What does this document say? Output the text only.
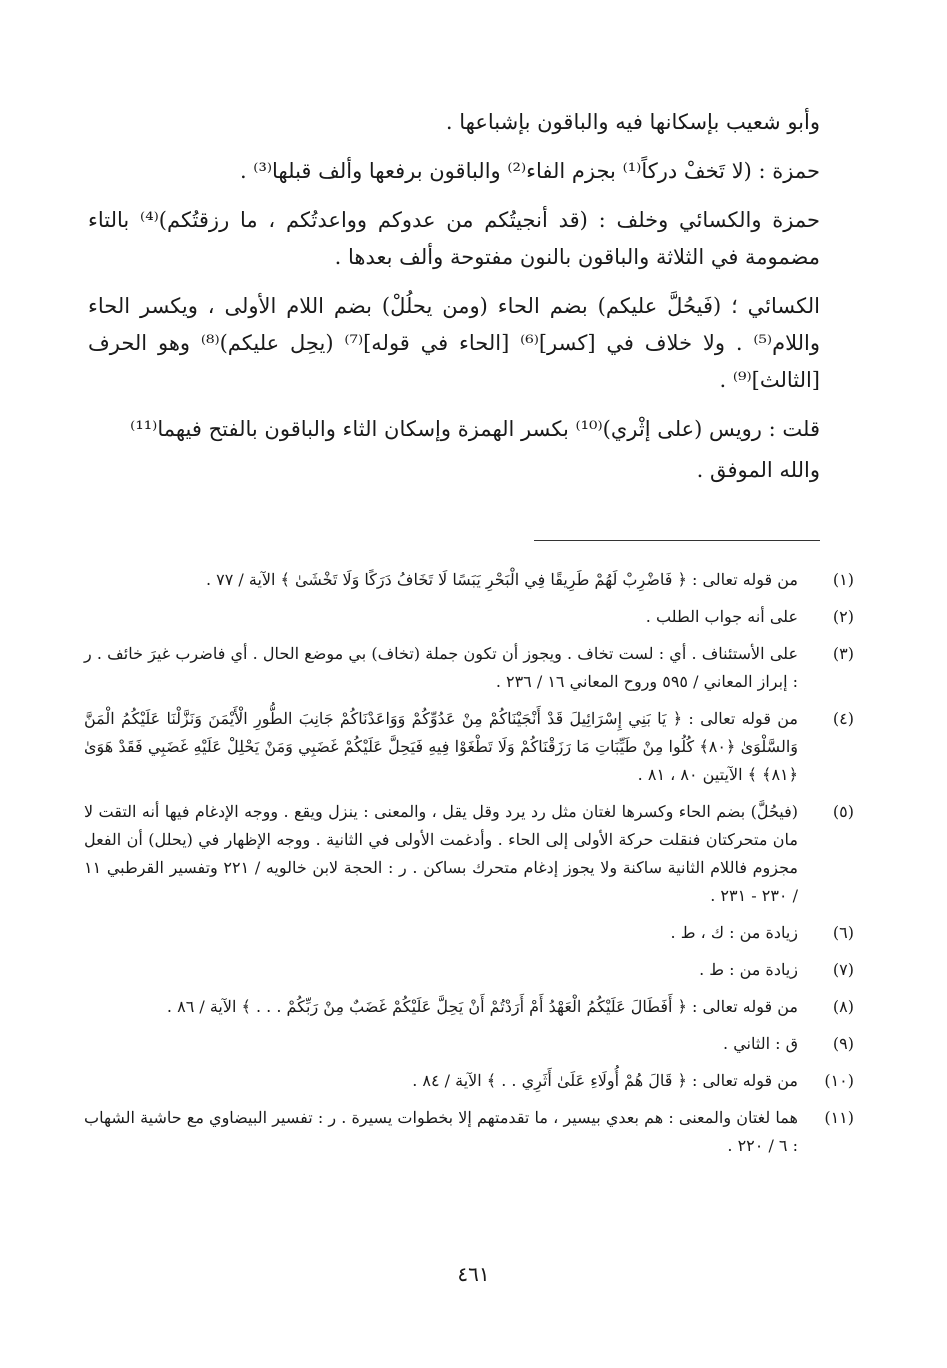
وأبو شعيب بإسكانها فيه والباقون بإشباعها .

حمزة : (لا تَخفْ دركاً⁽¹⁾ بجزم الفاء⁽²⁾ والباقون برفعها وألف قبلها⁽³⁾ .

حمزة والكسائي وخلف : (قد أنجيتُكم من عدوكم وواعدتُكم ، ما رزقتُكم)⁽⁴⁾ بالتاء مضمومة في الثلاثة والباقون بالنون مفتوحة وألف بعدها .

الكسائي ؛ (فَيحُلَّ عليكم) بضم الحاء (ومن يحلُلْ) بضم اللام الأولى ، ويكسر الحاء واللام⁽⁵⁾ . ولا خلاف في [كسر]⁽⁶⁾ [الحاء في قوله]⁽⁷⁾ (يحِل عليكم)⁽⁸⁾ وهو الحرف [الثالث]⁽⁹⁾ .

قلت : رويس (على إثْري)⁽¹⁰⁾ بكسر الهمزة وإسكان الثاء والباقون بالفتح فيهما⁽¹¹⁾

والله الموفق .

(١)
من قوله تعالى : ﴿ فَاضْرِبْ لَهُمْ طَرِيقًا فِي الْبَحْرِ يَبَسًا لَا تَخَافُ دَرَكًا وَلَا تَخْشَىٰ ﴾ الآية / ٧٧ .
(٢)
على أنه جواب الطلب .
(٣)
على الأستئناف . أي : لست تخاف . ويجوز أن تكون جملة (تخاف) بي موضع الحال . أي فاضرب غيرَ خائف . ر : إبراز المعاني / ٥٩٥ وروح المعاني ١٦ / ٢٣٦ .
(٤)
من قوله تعالى : ﴿ يَا بَنِي إِسْرَائِيلَ قَدْ أَنْجَيْنَاكُمْ مِنْ عَدُوِّكُمْ وَوَاعَدْنَاكُمْ جَانِبَ الطُّورِ الْأَيْمَنَ وَنَزَّلْنَا عَلَيْكُمُ الْمَنَّ وَالسَّلْوَىٰ ﴿٨٠﴾ كُلُوا مِنْ طَيِّبَاتِ مَا رَزَقْنَاكُمْ وَلَا تَطْغَوْا فِيهِ فَيَحِلَّ عَلَيْكُمْ غَضَبِي وَمَنْ يَحْلِلْ عَلَيْهِ غَضَبِي فَقَدْ هَوَىٰ ﴿٨١﴾ ﴾ الآيتين ٨٠ ، ٨١ .
(٥)
(فيحُلَّ) بضم الحاء وكسرها لغتان مثل رد يرد وقل يقل ، والمعنى : ينزل ويقع . ووجه الإدغام فيها أنه التقت لا مان متحركتان فنقلت حركة الأولى إلى الحاء . وأدغمت الأولى في الثانية . ووجه الإظهار في (يحلل) أن الفعل مجزوم فاللام الثانية ساكنة ولا يجوز إدغام متحرك بساكن . ر : الحجة لابن خالويه / ٢٢١ وتفسير القرطبي ١١ / ٢٣٠ - ٢٣١ .
(٦)
زيادة من : ك ، ط .
(٧)
زيادة من : ط .
(٨)
من قوله تعالى : ﴿ أَفَطَالَ عَلَيْكُمُ الْعَهْدُ أَمْ أَرَدْتُمْ أَنْ يَحِلَّ عَلَيْكُمْ غَضَبٌ مِنْ رَبِّكُمْ . . . ﴾ الآية / ٨٦ .
(٩)
ق : الثاني .
(١٠)
من قوله تعالى : ﴿ قَالَ هُمْ أُولَاءِ عَلَىٰ أَثَرِي . . ﴾ الآية / ٨٤ .
(١١)
هما لغتان والمعنى : هم بعدي بيسير ، ما تقدمتهم إلا بخطوات يسيرة . ر : تفسير البيضاوي مع حاشية الشهاب : ٦ / ٢٢٠ .
٤٦١
